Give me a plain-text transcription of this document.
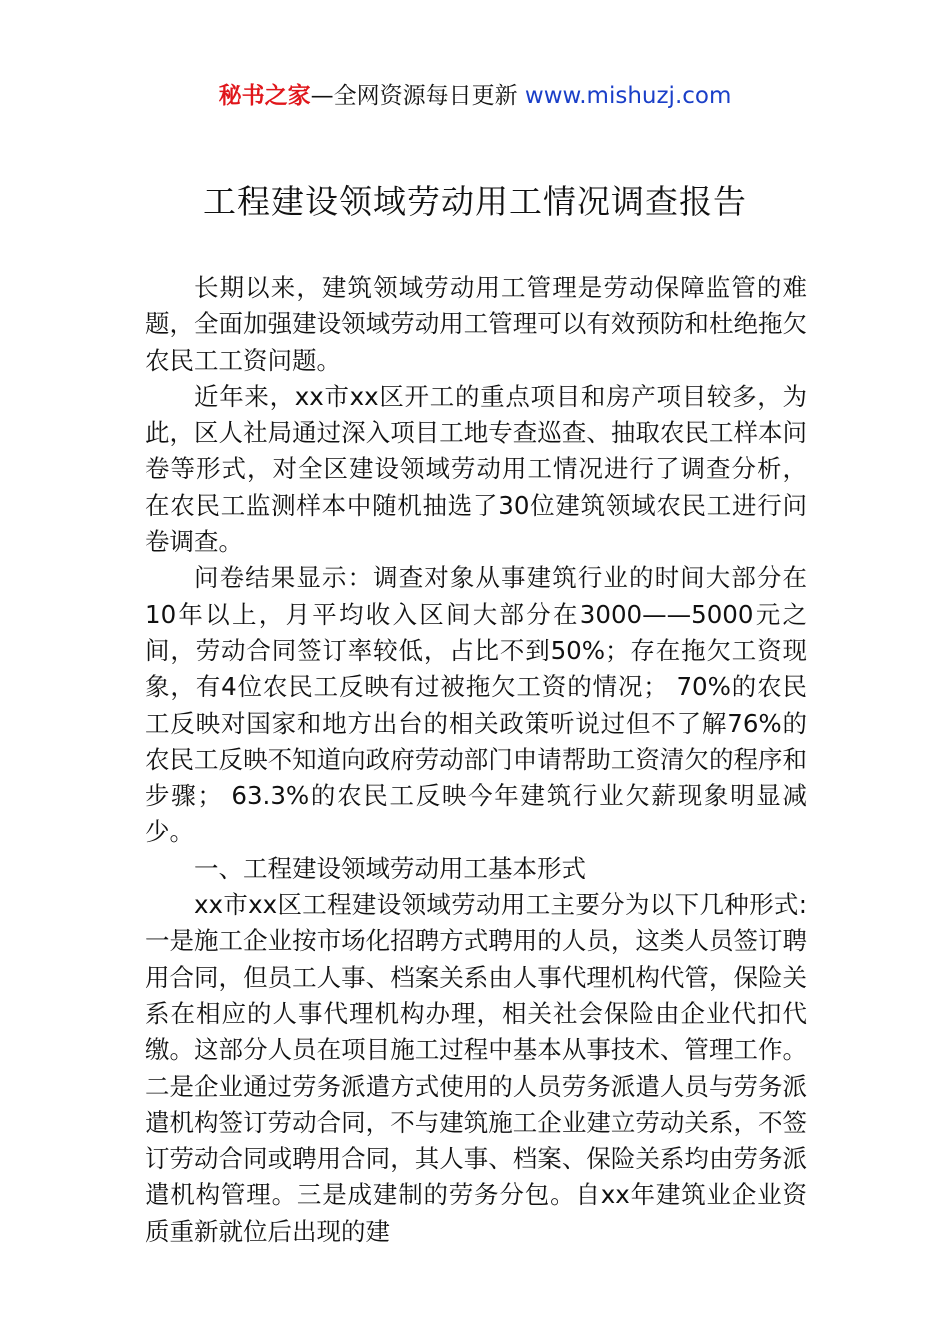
秘书之家—全网资源每日更新 www.mishuzj.com
工程建设领域劳动用工情况调查报告

长期以来，建筑领域劳动用工管理是劳动保障监管的难题，全面加强建设领域劳动用工管理可以有效预防和杜绝拖欠农民工工资问题。

近年来，xx市xx区开工的重点项目和房产项目较多，为此，区人社局通过深入项目工地专查巡查、抽取农民工样本问卷等形式，对全区建设领域劳动用工情况进行了调查分析， 在农民工监测样本中随机抽选了30位建筑领域农民工进行问卷调查。

问卷结果显示：调查对象从事建筑行业的时间大部分在10年以上，月平均收入区间大部分在3000——5000元之间，劳动合同签订率较低，占比不到50%；存在拖欠工资现象，有4位农民工反映有过被拖欠工资的情况； 70%的农民工反映对国家和地方出台的相关政策听说过但不了解76%的农民工反映不知道向政府劳动部门申请帮助工资清欠的程序和步骤； 63.3%的农民工反映今年建筑行业欠薪现象明显减少。

一、工程建设领域劳动用工基本形式

xx市xx区工程建设领域劳动用工主要分为以下几种形式:一是施工企业按市场化招聘方式聘用的人员，这类人员签订聘用合同，但员工人事、档案关系由人事代理机构代管，保险关系在相应的人事代理机构办理，相关社会保险由企业代扣代缴。这部分人员在项目施工过程中基本从事技术、管理工作。二是企业通过劳务派遣方式使用的人员劳务派遣人员与劳务派遣机构签订劳动合同，不与建筑施工企业建立劳动关系，不签订劳动合同或聘用合同，其人事、档案、保险关系均由劳务派遣机构管理。三是成建制的劳务分包。自xx年建筑业企业资质重新就位后出现的建
